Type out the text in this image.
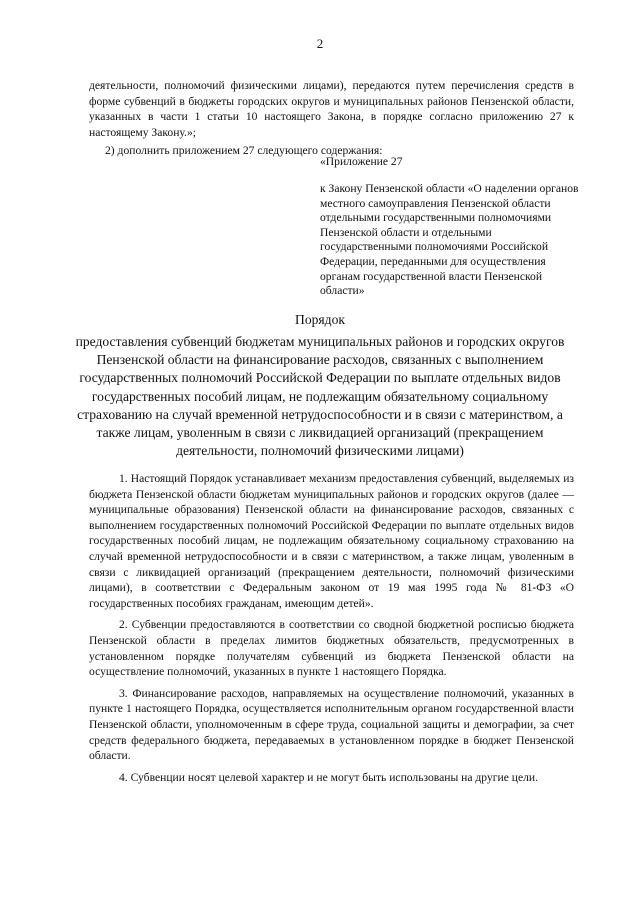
2

деятельности, полномочий физическими лицами), передаются путем перечисления средств в форме субвенций в бюджеты городских округов и муниципальных районов Пензенской области, указанных в части 1 статьи 10 настоящего Закона, в порядке согласно приложению 27 к настоящему Закону.»;

2) дополнить приложением 27 следующего содержания:

«Приложение 27
к Закону Пензенской области «О наделении органов местного самоуправления Пензенской области отдельными государственными полномочиями Пензенской области и отдельными государственными полномочиями Российской Федерации, переданными для осуществления органам государственной власти Пензенской области»
Порядок
предоставления субвенций бюджетам муниципальных районов и городских округов Пензенской области на финансирование расходов, связанных с выполнением государственных полномочий Российской Федерации по выплате отдельных видов государственных пособий лицам, не подлежащим обязательному социальному страхованию на случай временной нетрудоспособности и в связи с материнством, а также лицам, уволенным в связи с ликвидацией организаций (прекращением деятельности, полномочий физическими лицами)

1. Настоящий Порядок устанавливает механизм предоставления субвенций, выделяемых из бюджета Пензенской области бюджетам муниципальных районов и городских округов (далее — муниципальные образования) Пензенской области на финансирование расходов, связанных с выполнением государственных полномочий Российской Федерации по выплате отдельных видов государственных пособий лицам, не подлежащим обязательному социальному страхованию на случай временной нетрудоспособности и в связи с материнством, а также лицам, уволенным в связи с ликвидацией организаций (прекращением деятельности, полномочий физическими лицами), в соответствии с Федеральным законом от 19 мая 1995 года № 81-ФЗ «О государственных пособиях гражданам, имеющим детей».

2. Субвенции предоставляются в соответствии со сводной бюджетной росписью бюджета Пензенской области в пределах лимитов бюджетных обязательств, предусмотренных в установленном порядке получателям субвенций из бюджета Пензенской области на осуществление полномочий, указанных в пункте 1 настоящего Порядка.

3. Финансирование расходов, направляемых на осуществление полномочий, указанных в пункте 1 настоящего Порядка, осуществляется исполнительным органом государственной власти Пензенской области, уполномоченным в сфере труда, социальной защиты и демографии, за счет средств федерального бюджета, передаваемых в установленном порядке в бюджет Пензенской области.

4. Субвенции носят целевой характер и не могут быть использованы на другие цели.
